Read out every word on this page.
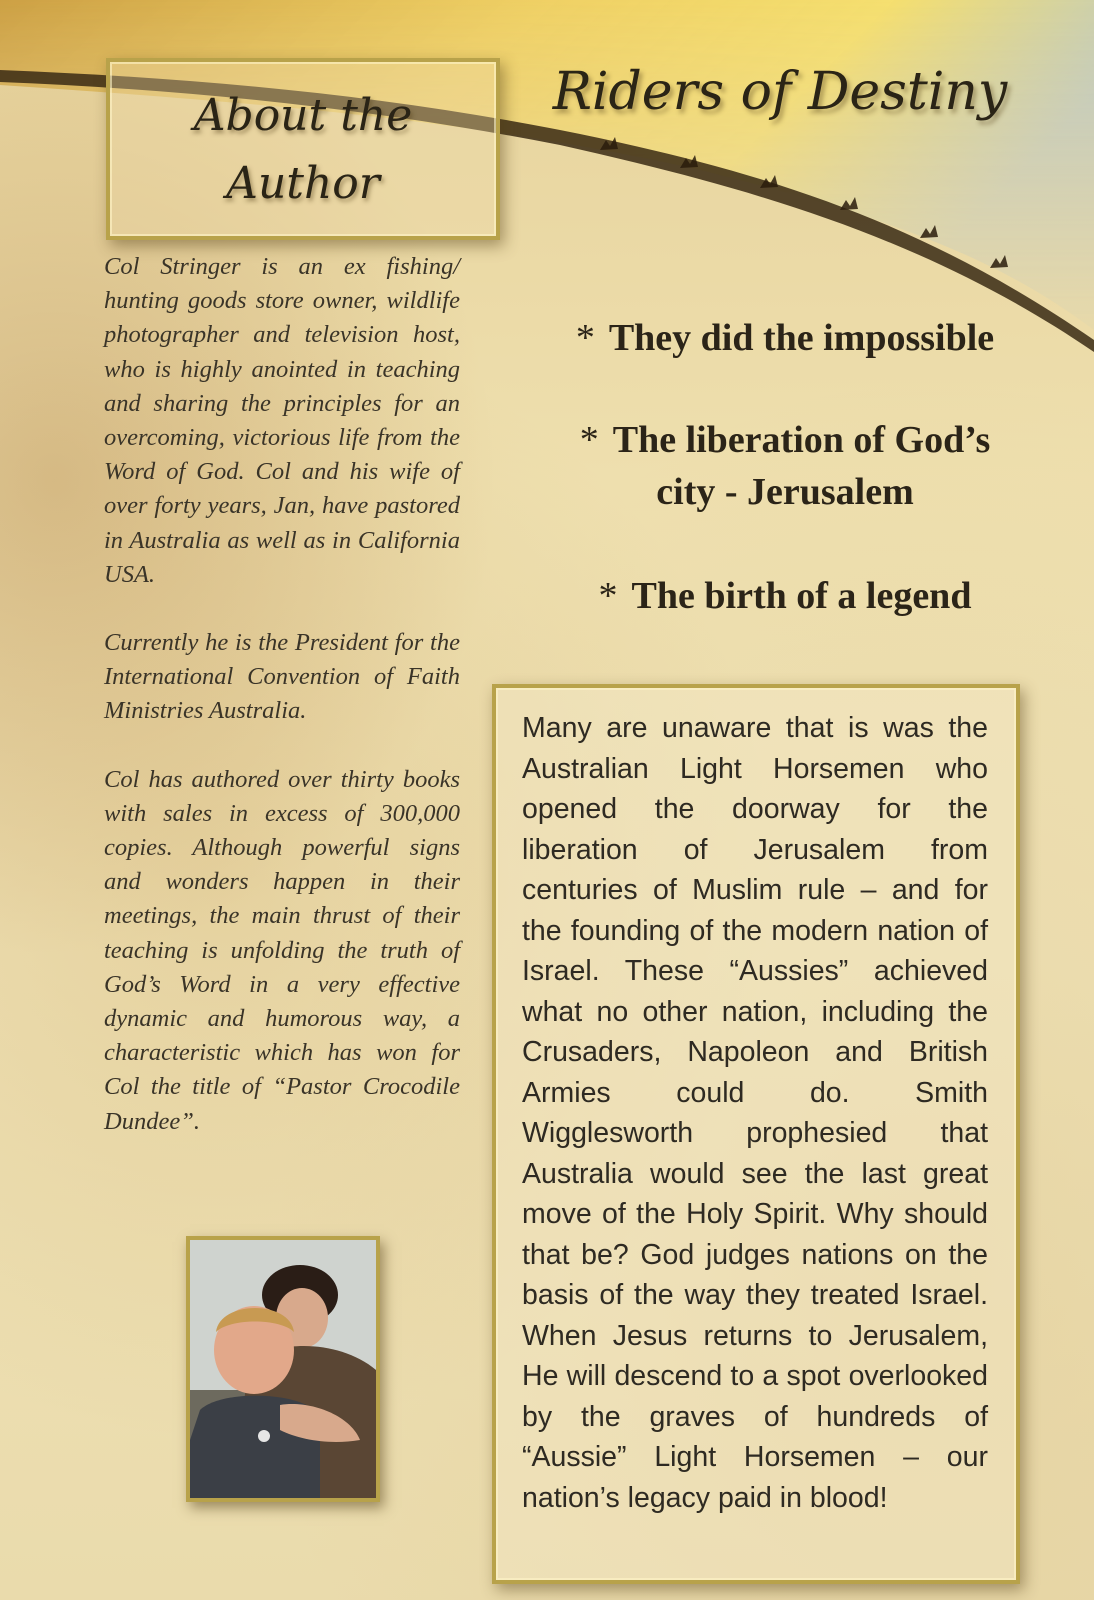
About the
Author
Riders of Destiny

Col Stringer is an ex fishing/ hunting goods store owner, wildlife photographer and television host, who is highly anointed in teaching and sharing the principles for an overcoming, victorious life from the Word of God. Col and his wife of over forty years, Jan, have pastored in Australia as well as in California USA.

Currently he is the President for the International Convention of Faith Ministries Australia.

Col has authored over thirty books with sales in excess of 300,000 copies. Although powerful signs and wonders happen in their meetings, the main thrust of their teaching is unfolding the truth of God’s Word in a very effective dynamic and humorous way, a characteristic which has won for Col the title of “Pastor Crocodile Dundee”.

* They did the impossible
* The liberation of God’s
city - Jerusalem
* The birth of a legend
Many are unaware that is was the Australian Light Horsemen who opened the doorway for the liberation of Jerusalem from centuries of Muslim rule – and for the founding of the modern nation of Israel. These “Aussies” achieved what no other nation, including the Crusaders, Napoleon and British Armies could do. Smith Wigglesworth prophesied that Australia would see the last great move of the Holy Spirit. Why should that be? God judges nations on the basis of the way they treated Israel. When Jesus returns to Jerusalem, He will descend to a spot overlooked by the graves of hundreds of “Aussie” Light Horsemen – our nation’s legacy paid in blood!
